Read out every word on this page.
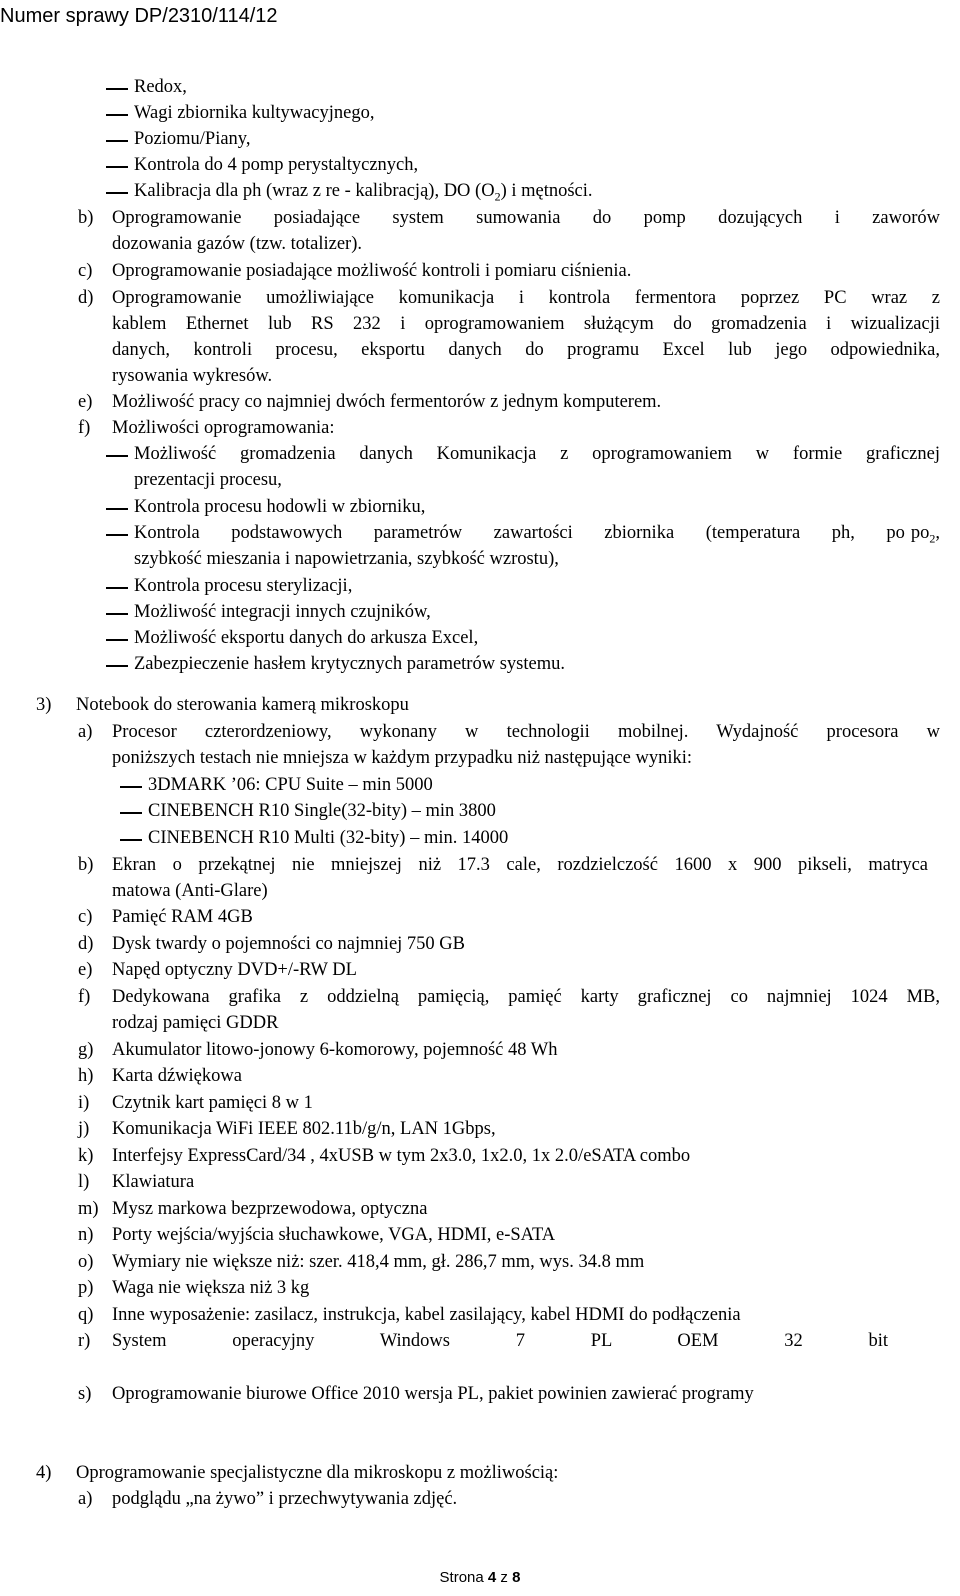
Numer sprawy DP/2310/114/12
Redox,
Wagi zbiornika kultywacyjnego,
Poziomu/Piany,
Kontrola do 4 pomp perystaltycznych,
Kalibracja dla ph (wraz z re - kalibracją), DO $(O_2)$ i mętności.
b) Oprogramowanie posiadające system sumowania do pomp dozujących i zaworów
dozowania gazów (tzw. totalizer).
c) Oprogramowanie posiadające możliwość kontroli i pomiaru ciśnienia.
d) Oprogramowanie umożliwiające komunikacja i kontrola fermentora poprzez PC wraz z
kablem Ethernet lub RS 232 i oprogramowaniem służącym do gromadzenia i wizualizacji
danych, kontroli procesu, eksportu danych do programu Excel lub jego odpowiednika,
rysowania wykresów.
e) Możliwość pracy co najmniej dwóch fermentorów z jednym komputerem.
f) Możliwości oprogramowania:
Możliwość gromadzenia danych Komunikacja z oprogramowaniem w formie graficznej
prezentacji procesu,
Kontrola procesu hodowli w zbiorniku,
Kontrola podstawowych parametrów zawartości zbiornika (temperatura ph, po $po_2$,
szybkość mieszania i napowietrzania, szybkość wzrostu),
Kontrola procesu sterylizacji,
Możliwość integracji innych czujników,
Możliwość eksportu danych do arkusza Excel,
Zabezpieczenie hasłem krytycznych parametrów systemu.
3) Notebook do sterowania kamerą mikroskopu
a) Procesor czterordzeniowy, wykonany w technologii mobilnej. Wydajność procesora w
poniższych testach nie mniejsza w każdym przypadku niż następujące wyniki:
3DMARK ’06: CPU Suite – min 5000
CINEBENCH R10 Single(32-bity) – min 3800
CINEBENCH R10 Multi (32-bity) – min. 14000
b) Ekran o przekątnej nie mniejszej niż 17.3 cale, rozdzielczość 1600 x 900 pikseli, matryca
matowa (Anti-Glare)
c) Pamięć RAM 4GB
d) Dysk twardy o pojemności co najmniej 750 GB
e) Napęd optyczny DVD+/-RW DL
f) Dedykowana grafika z oddzielną pamięcią, pamięć karty graficznej co najmniej 1024 MB,
rodzaj pamięci GDDR
g) Akumulator litowo-jonowy 6-komorowy, pojemność 48 Wh
h) Karta dźwiękowa
i) Czytnik kart pamięci 8 w 1
j) Komunikacja WiFi IEEE 802.11b/g/n, LAN 1Gbps,
k) Interfejsy ExpressCard/34 , 4xUSB w tym 2x3.0, 1x2.0, 1x 2.0/eSATA combo
l) Klawiatura
m) Mysz markowa bezprzewodowa, optyczna
n) Porty wejścia/wyjścia słuchawkowe, VGA, HDMI, e-SATA
o) Wymiary nie większe niż: szer. 418,4 mm, gł. 286,7 mm, wys. 34.8 mm
p) Waga nie większa niż 3 kg
q) Inne wyposażenie: zasilacz, instrukcja, kabel zasilający, kabel HDMI do podłączenia
r) System operacyjny Windows 7 PL OEM 32 bit
s) Oprogramowanie biurowe Office 2010 wersja PL, pakiet powinien zawierać programy
4) Oprogramowanie specjalistyczne dla mikroskopu z możliwością:
a) podglądu „na żywo” i przechwytywania zdjęć.
Strona 4 z 8
